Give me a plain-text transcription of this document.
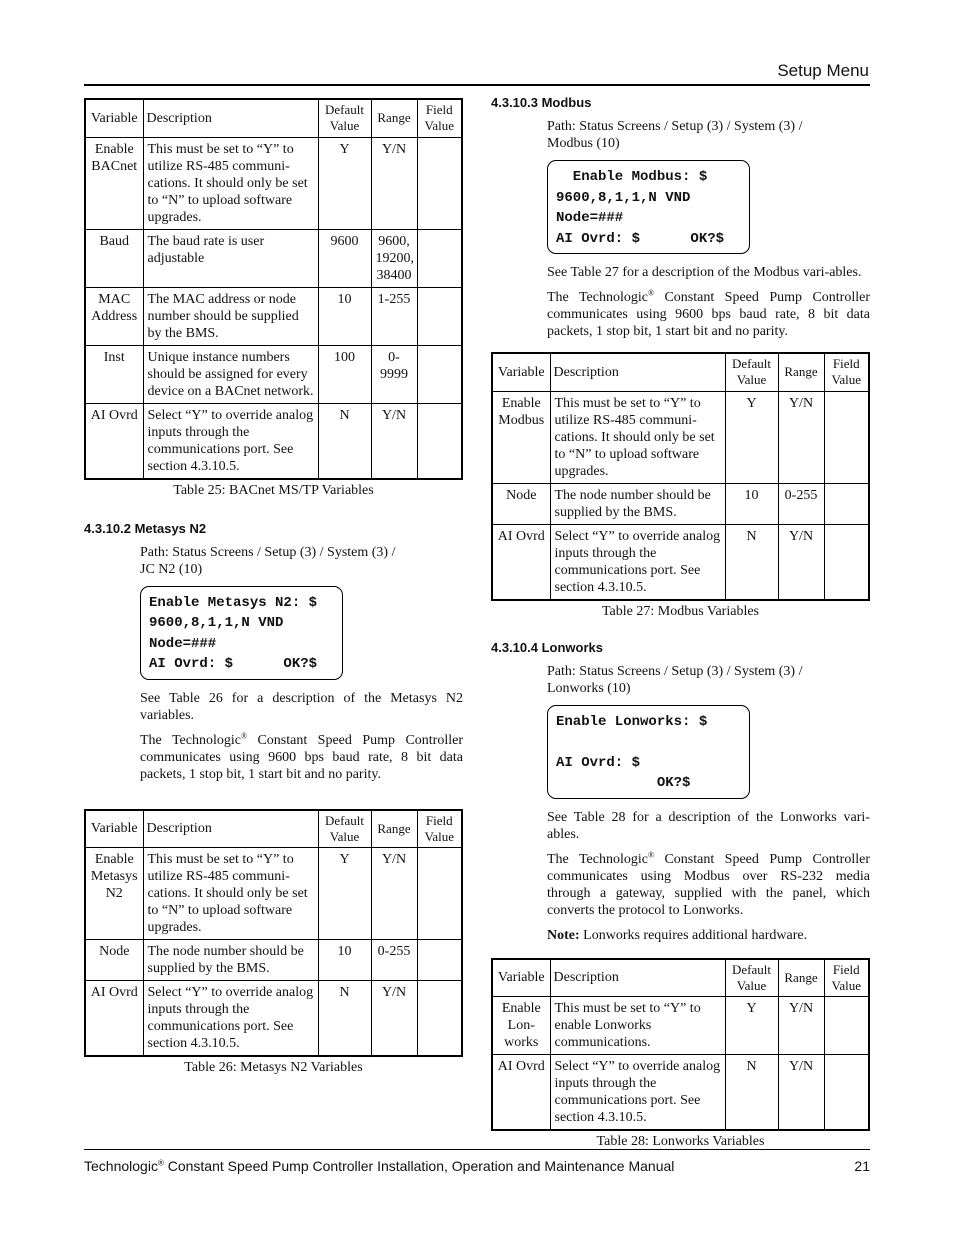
Setup Menu
Variable	Description	Default Value	Range	Field Value
Enable BACnet	This must be set to “Y” to utilize RS-485 communi-cations. It should only be set to “N” to upload software upgrades.	Y	Y/N	
Baud	The baud rate is user adjustable	9600	9600, 19200, 38400	
MAC Address	The MAC address or node number should be supplied by the BMS.	10	1-255	
Inst	Unique instance numbers should be assigned for every device on a BACnet network.	100	0-9999	
AI Ovrd	Select “Y” to override analog inputs through the communications port. See section 4.3.10.5.	N	Y/N	
Table 25: BACnet MS/TP Variables
4.3.10.2 Metasys N2

Path: Status Screens / Setup (3) / System (3) / JC N2 (10)

Enable Metasys N2: $
9600,8,1,1,N VND
Node=###
AI Ovrd: $      OK?$

See Table 26 for a description of the Metasys N2 variables.

The Technologic® Constant Speed Pump Controller communicates using 9600 bps baud rate, 8 bit data packets, 1 stop bit, 1 start bit and no parity.

Variable	Description	Default Value	Range	Field Value
Enable Metasys N2	This must be set to “Y” to utilize RS-485 communi-cations. It should only be set to “N” to upload software upgrades.	Y	Y/N	
Node	The node number should be supplied by the BMS.	10	0-255	
AI Ovrd	Select “Y” to override analog inputs through the communications port. See section 4.3.10.5.	N	Y/N	
Table 26: Metasys N2 Variables
4.3.10.3 Modbus

Path: Status Screens / Setup (3) / System (3) / Modbus (10)

Enable Modbus: $
9600,8,1,1,N VND
Node=###
AI Ovrd: $      OK?$

See Table 27 for a description of the Modbus vari-ables.

The Technologic® Constant Speed Pump Controller communicates using 9600 bps baud rate, 8 bit data packets, 1 stop bit, 1 start bit and no parity.

Variable	Description	Default Value	Range	Field Value
Enable Modbus	This must be set to “Y” to utilize RS-485 communi-cations. It should only be set to “N” to upload software upgrades.	Y	Y/N	
Node	The node number should be supplied by the BMS.	10	0-255	
AI Ovrd	Select “Y” to override analog inputs through the communications port. See section 4.3.10.5.	N	Y/N	
Table 27: Modbus Variables
4.3.10.4 Lonworks

Path: Status Screens / Setup (3) / System (3) / Lonworks (10)

Enable Lonworks: $
AI Ovrd: $
OK?$

See Table 28 for a description of the Lonworks vari-ables.

The Technologic® Constant Speed Pump Controller communicates using Modbus over RS-232 media through a gateway, supplied with the panel, which converts the protocol to Lonworks.

Note: Lonworks requires additional hardware.

Variable	Description	Default Value	Range	Field Value
Enable Lon-works	This must be set to “Y” to enable Lonworks communications.	Y	Y/N	
AI Ovrd	Select “Y” to override analog inputs through the communications port. See section 4.3.10.5.	N	Y/N	
Table 28: Lonworks Variables
Technologic® Constant Speed Pump Controller Installation, Operation and Maintenance Manual	21
